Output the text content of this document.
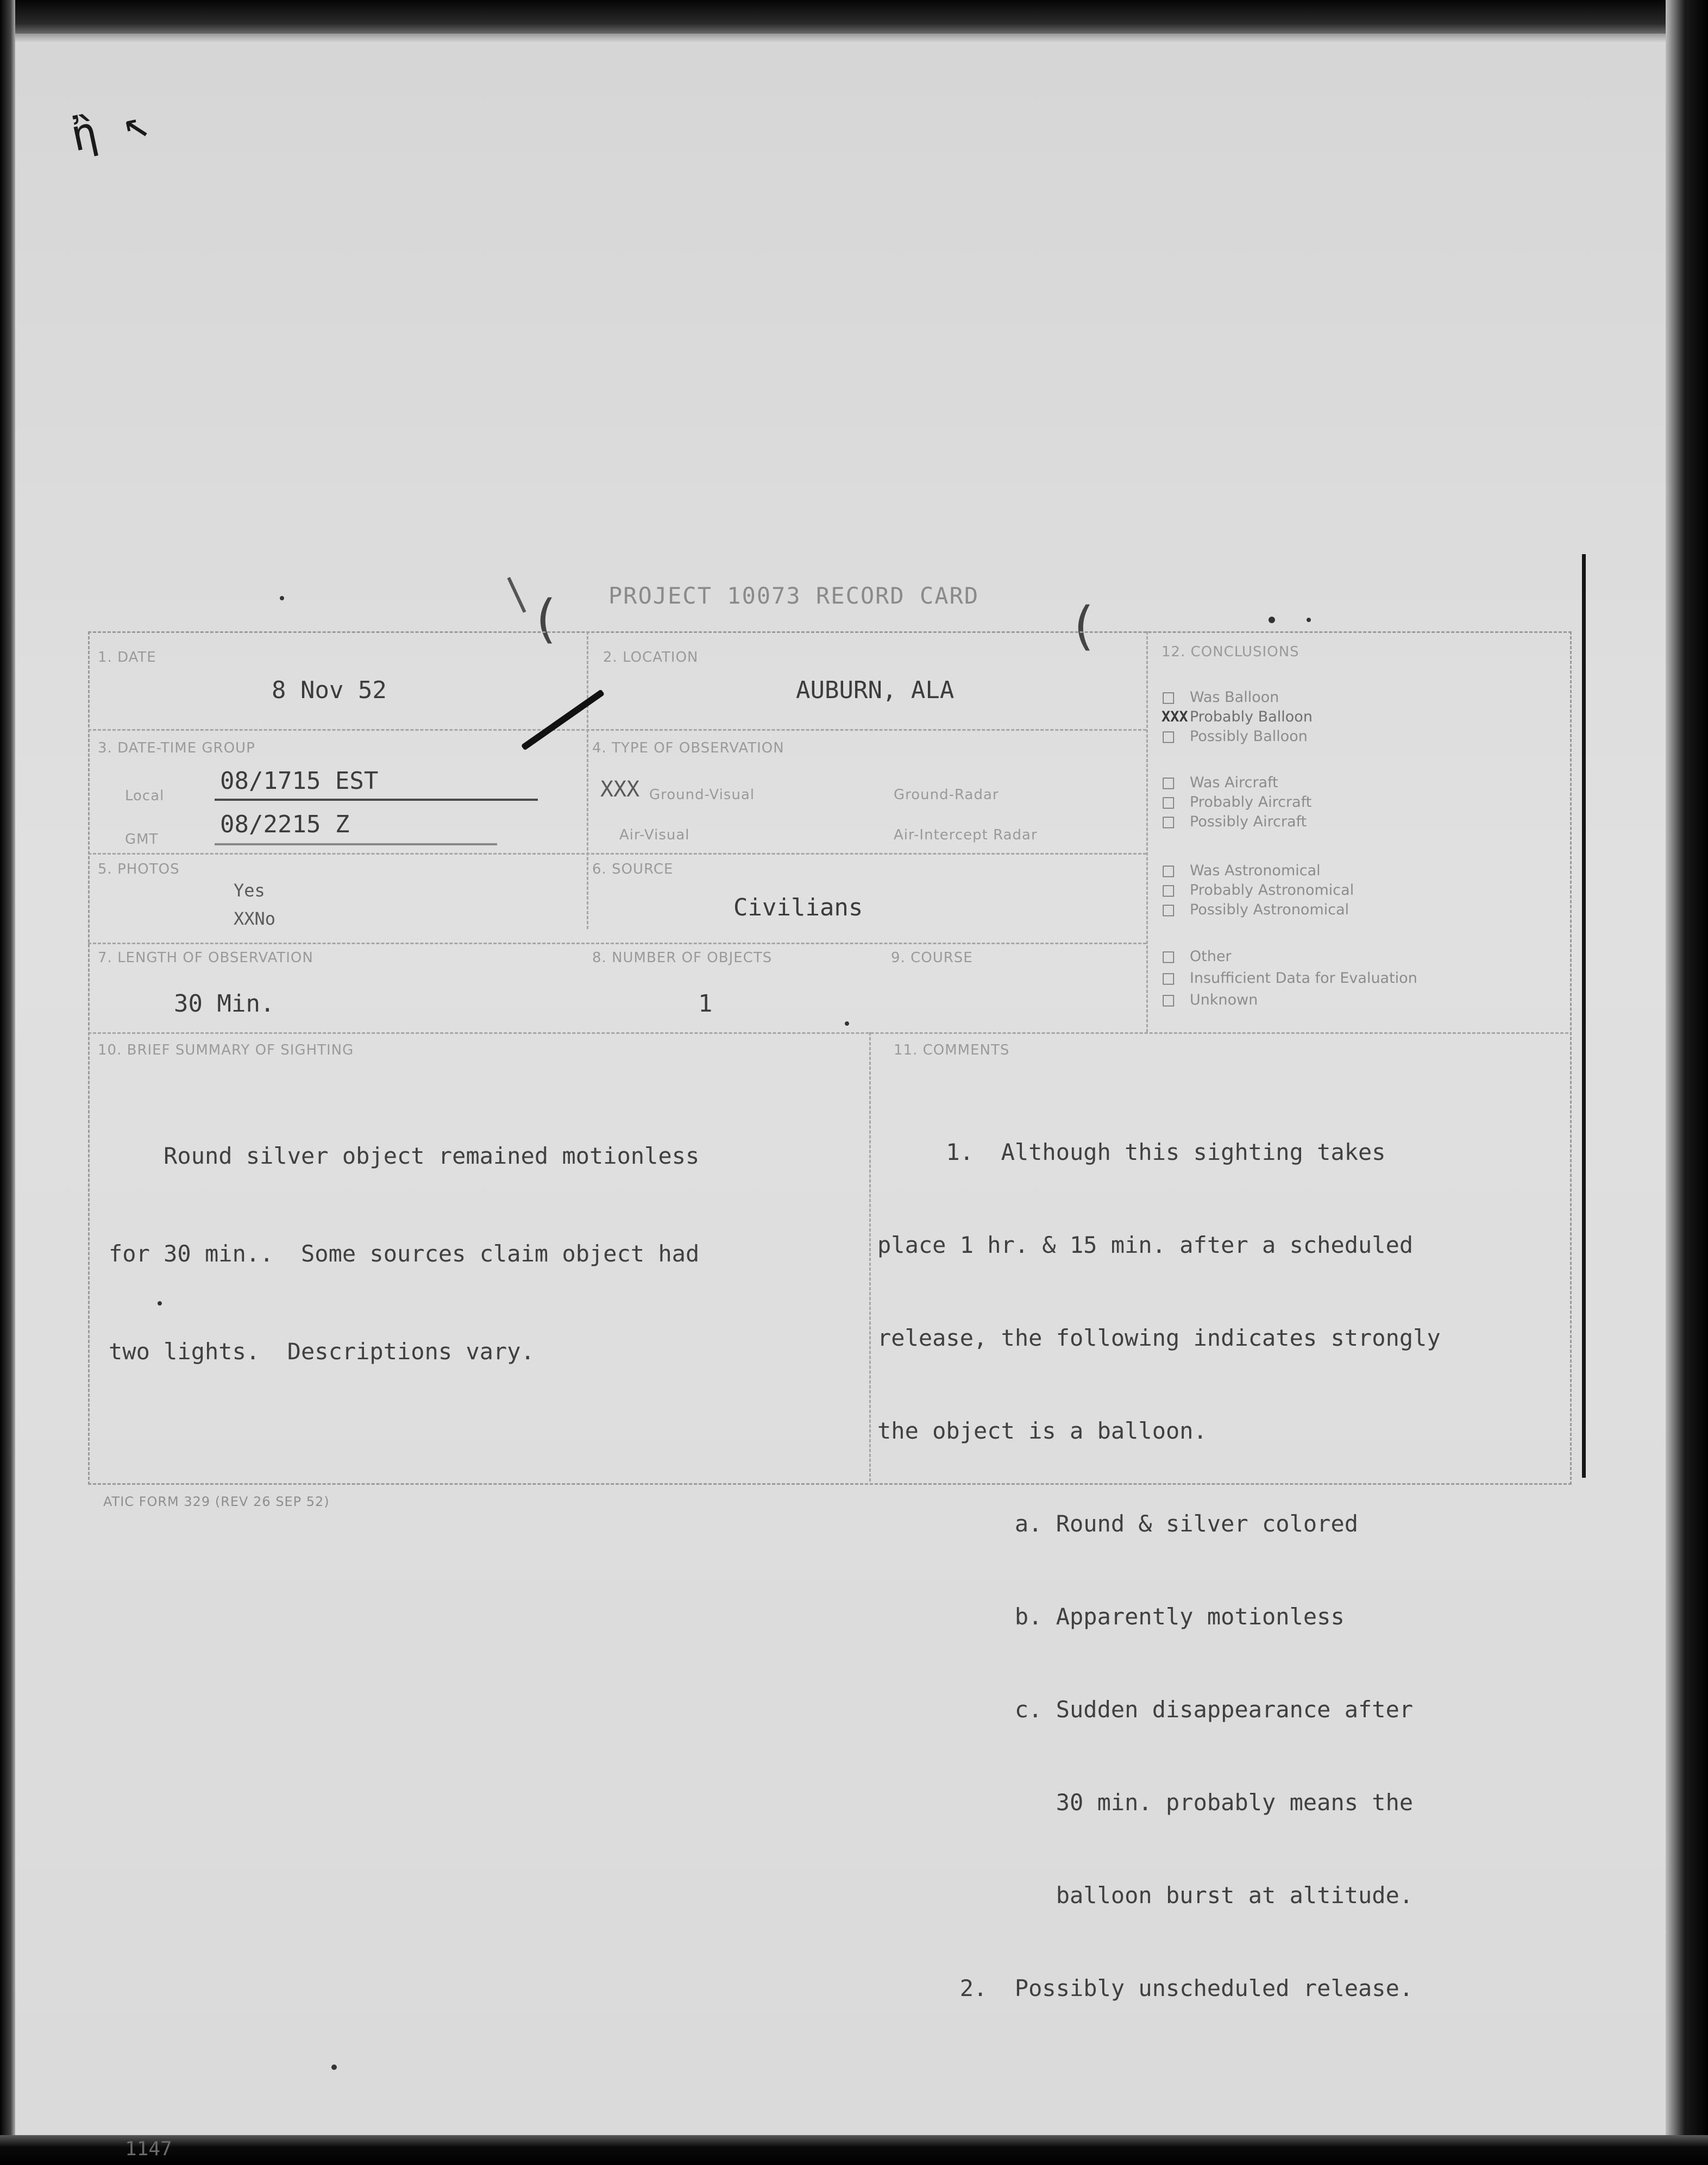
ἢ ↖
( PROJECT 10073 RECORD CARD
(
1. DATE
8 Nov 52
2. LOCATION
AUBURN, ALA
3. DATE-TIME GROUP
Local
08/1715 EST
GMT
08/2215 Z
4. TYPE OF OBSERVATION
XXX Ground-Visual	Ground-Radar
Air-Visual	Air-Intercept Radar
5. PHOTOS
Yes
XXNo
6. SOURCE
Civilians
7. LENGTH OF OBSERVATION
30 Min.
8. NUMBER OF OBJECTS
1
9. COURSE
10. BRIEF SUMMARY OF SIGHTING

Round silver object remained motionless

for 30 min..  Some sources claim object had

two lights.  Descriptions vary.

11. COMMENTS

1.  Although this sighting takes

place 1 hr. & 15 min. after a scheduled

release, the following indicates strongly

the object is a balloon.

a. Round & silver colored

b. Apparently motionless

c. Sudden disappearance after

30 min. probably means the

balloon burst at altitude.

2.  Possibly unscheduled release.

12. CONCLUSIONS
□ Was Balloon
XXX Probably Balloon
□ Possibly Balloon
□ Was Aircraft
□ Probably Aircraft
□ Possibly Aircraft
□ Was Astronomical
□ Probably Astronomical
□ Possibly Astronomical
□ Other
□ Insufficient Data for Evaluation
□ Unknown
ATIC FORM 329 (REV 26 SEP 52)
1147
